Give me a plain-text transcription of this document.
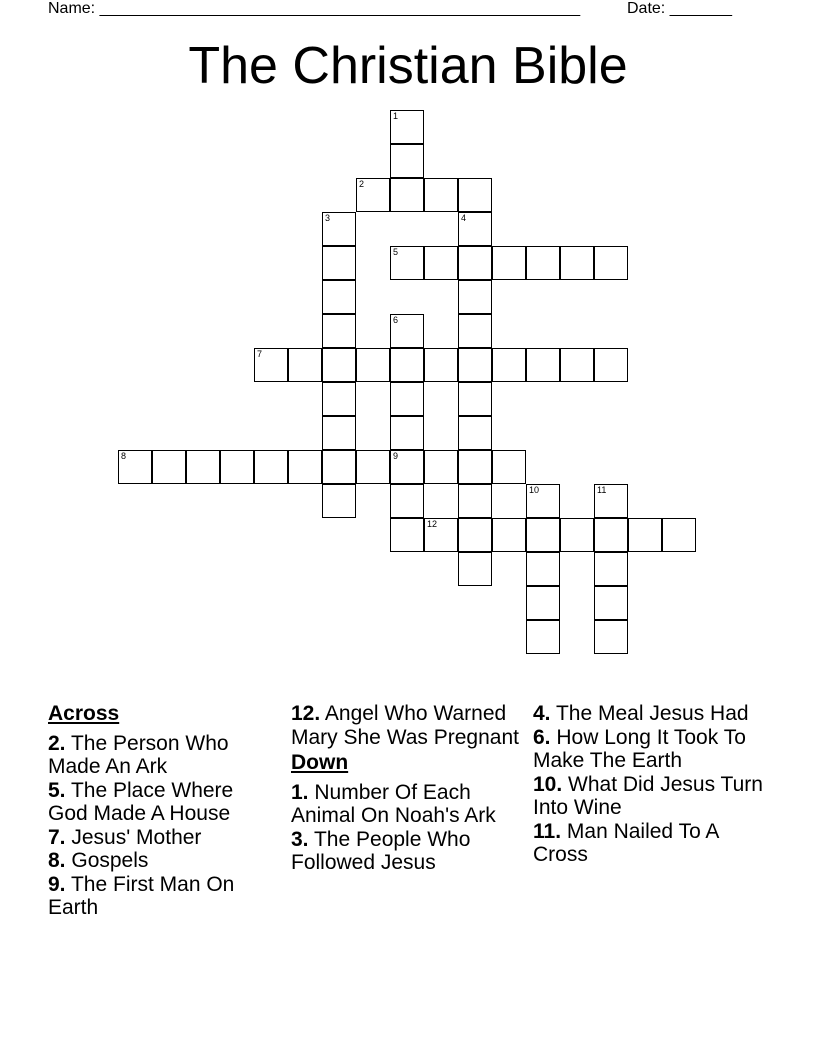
Name: ______________________________________________________	Date: _______
The Christian Bible
1
2
3	4
5
6
7
8	9
10	11
12
Across
2. The Person Who Made An Ark
5. The Place Where God Made A House
7. Jesus' Mother
8. Gospels
9. The First Man On Earth
12. Angel Who Warned Mary She Was Pregnant
Down
1. Number Of Each Animal On Noah's Ark
3. The People Who Followed Jesus
4. The Meal Jesus Had
6. How Long It Took To Make The Earth
10. What Did Jesus Turn Into Wine
11. Man Nailed To A Cross
